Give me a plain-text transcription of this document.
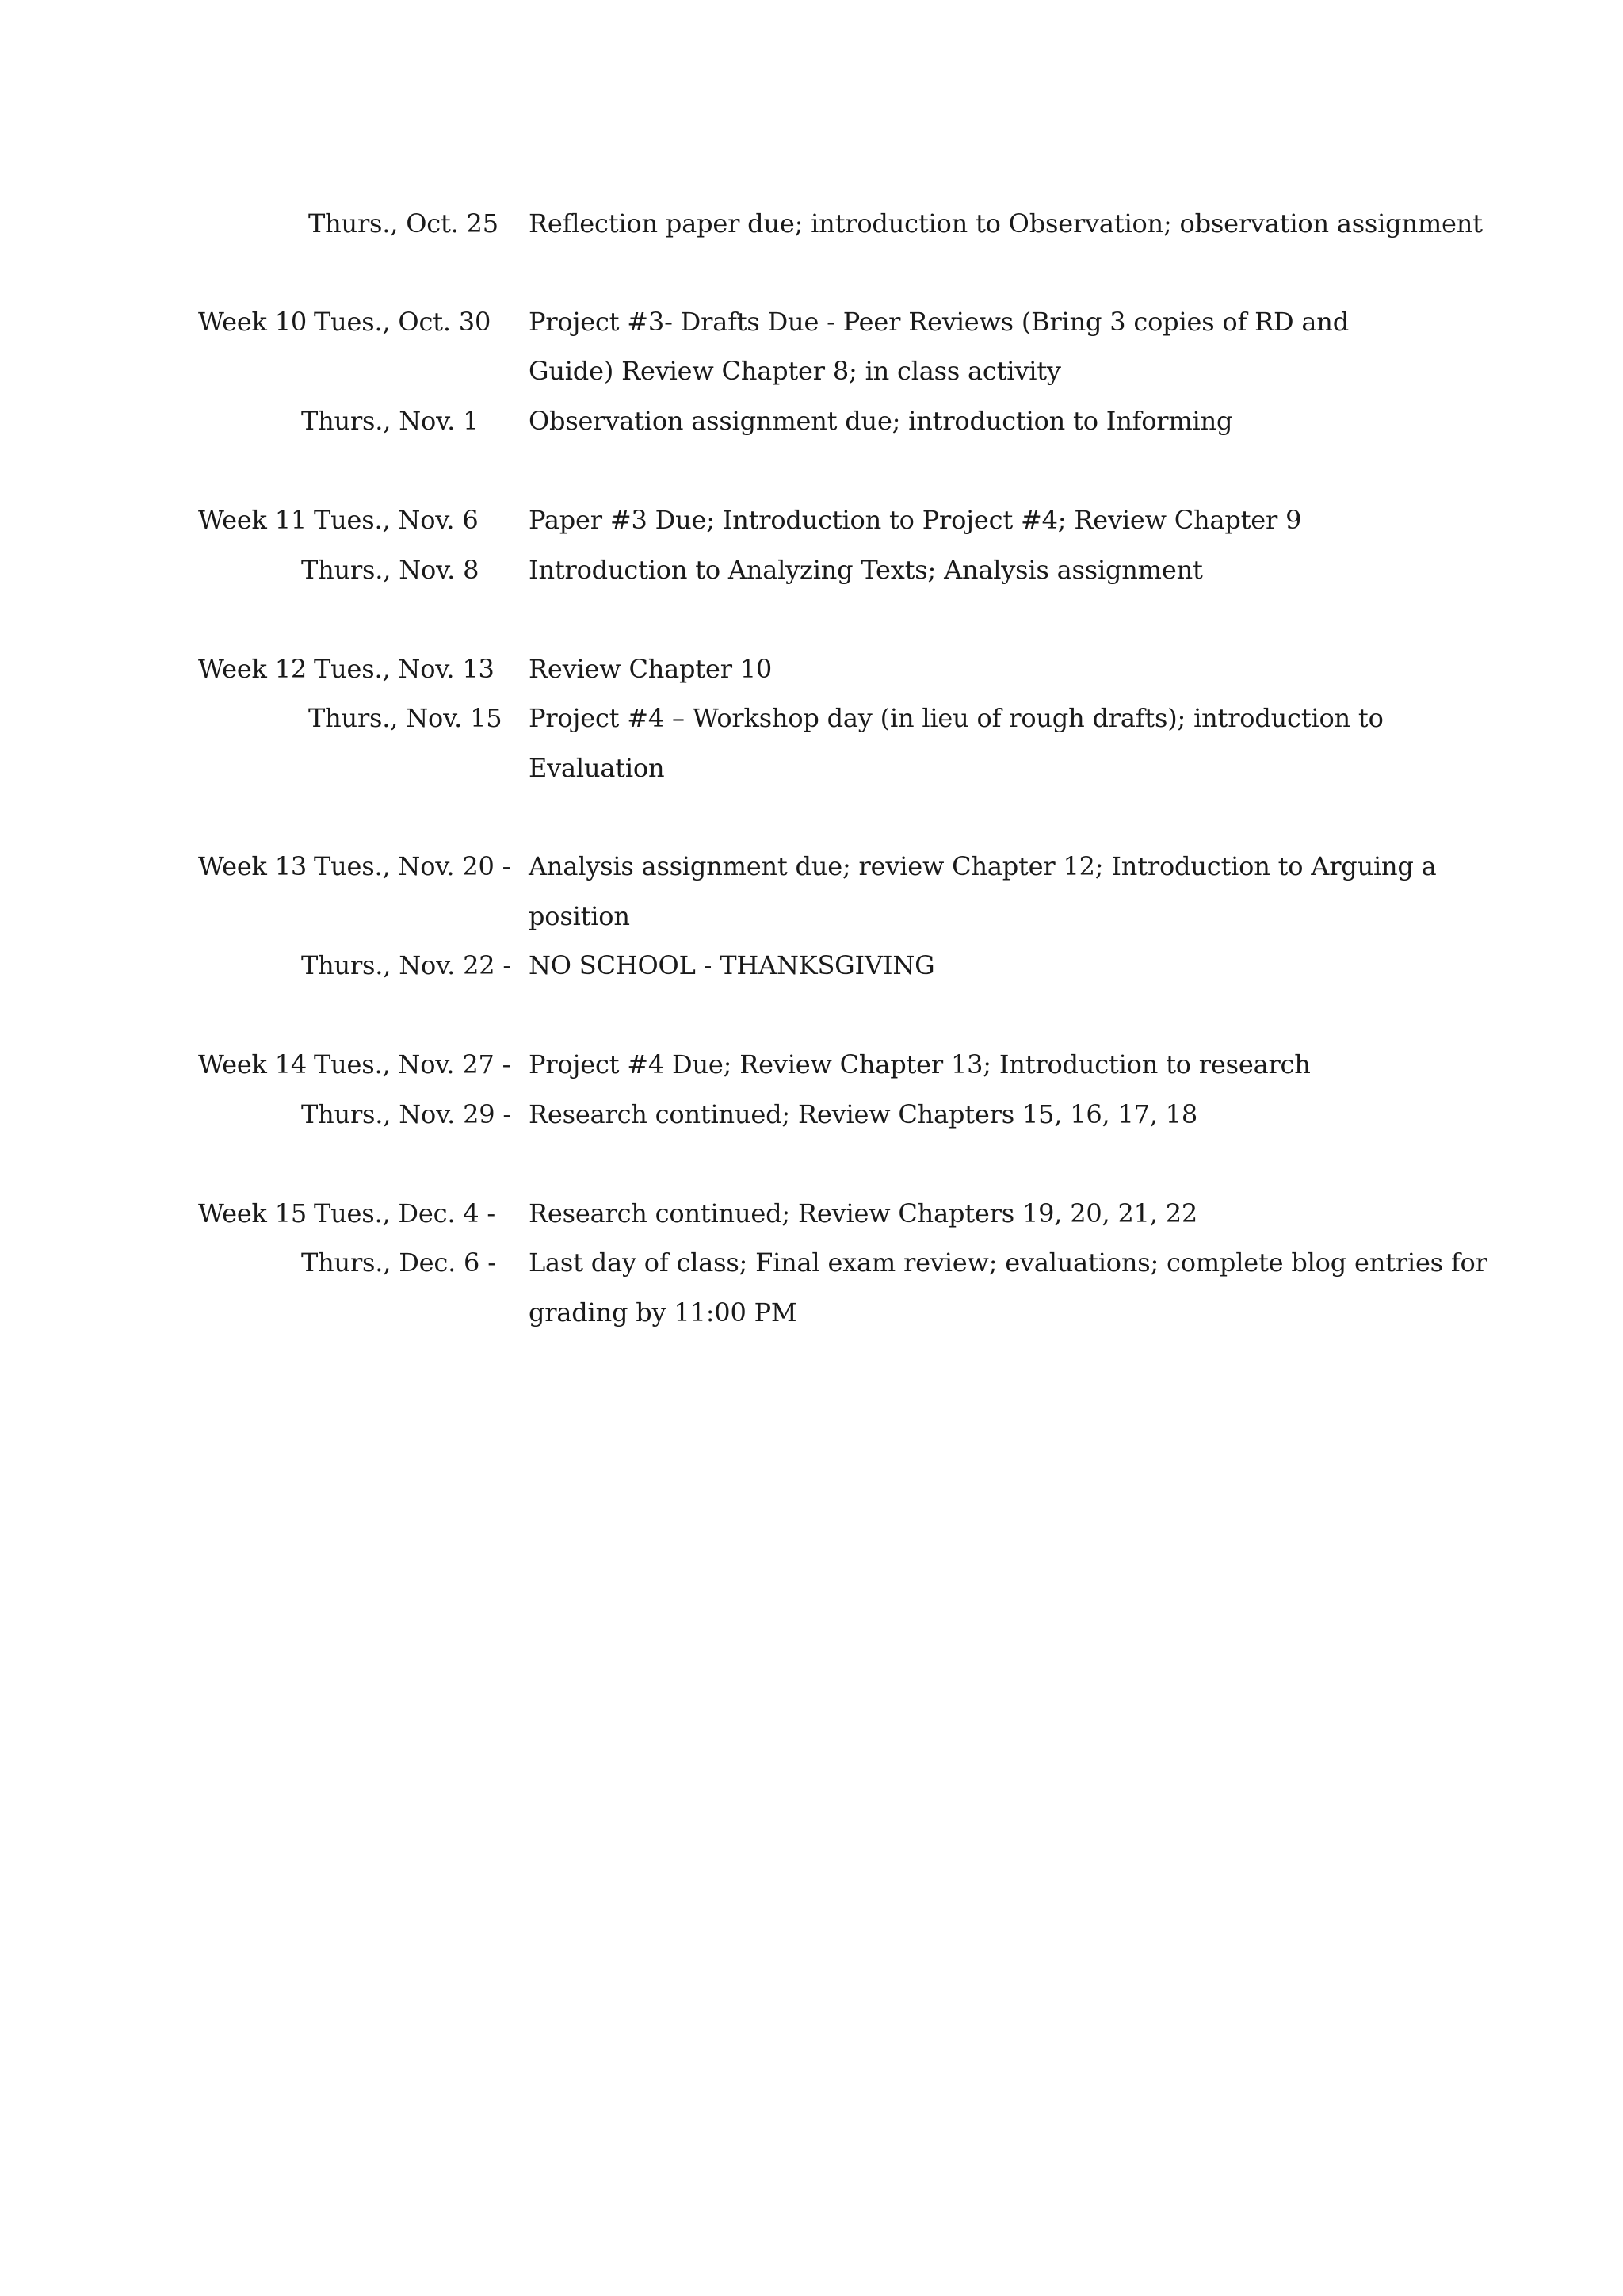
Thurs., Oct. 25 Reflection paper due; introduction to Observation; observation assignment
Week 10 Tues., Oct. 30 Project #3- Drafts Due - Peer Reviews (Bring 3 copies of RD and
Guide) Review Chapter 8; in class activity
Thurs., Nov. 1 Observation assignment due; introduction to Informing
Week 11 Tues., Nov. 6 Paper #3 Due; Introduction to Project #4; Review Chapter 9
Thurs., Nov. 8 Introduction to Analyzing Texts; Analysis assignment
Week 12 Tues., Nov. 13 Review Chapter 10
Thurs., Nov. 15 Project #4 – Workshop day (in lieu of rough drafts); introduction to
Evaluation
Week 13 Tues., Nov. 20 - Analysis assignment due; review Chapter 12; Introduction to Arguing a
position
Thurs., Nov. 22 - NO SCHOOL - THANKSGIVING
Week 14 Tues., Nov. 27 - Project #4 Due; Review Chapter 13; Introduction to research
Thurs., Nov. 29 - Research continued; Review Chapters 15, 16, 17, 18
Week 15 Tues., Dec. 4 - Research continued; Review Chapters 19, 20, 21, 22
Thurs., Dec. 6 - Last day of class; Final exam review; evaluations; complete blog entries for
grading by 11:00 PM
